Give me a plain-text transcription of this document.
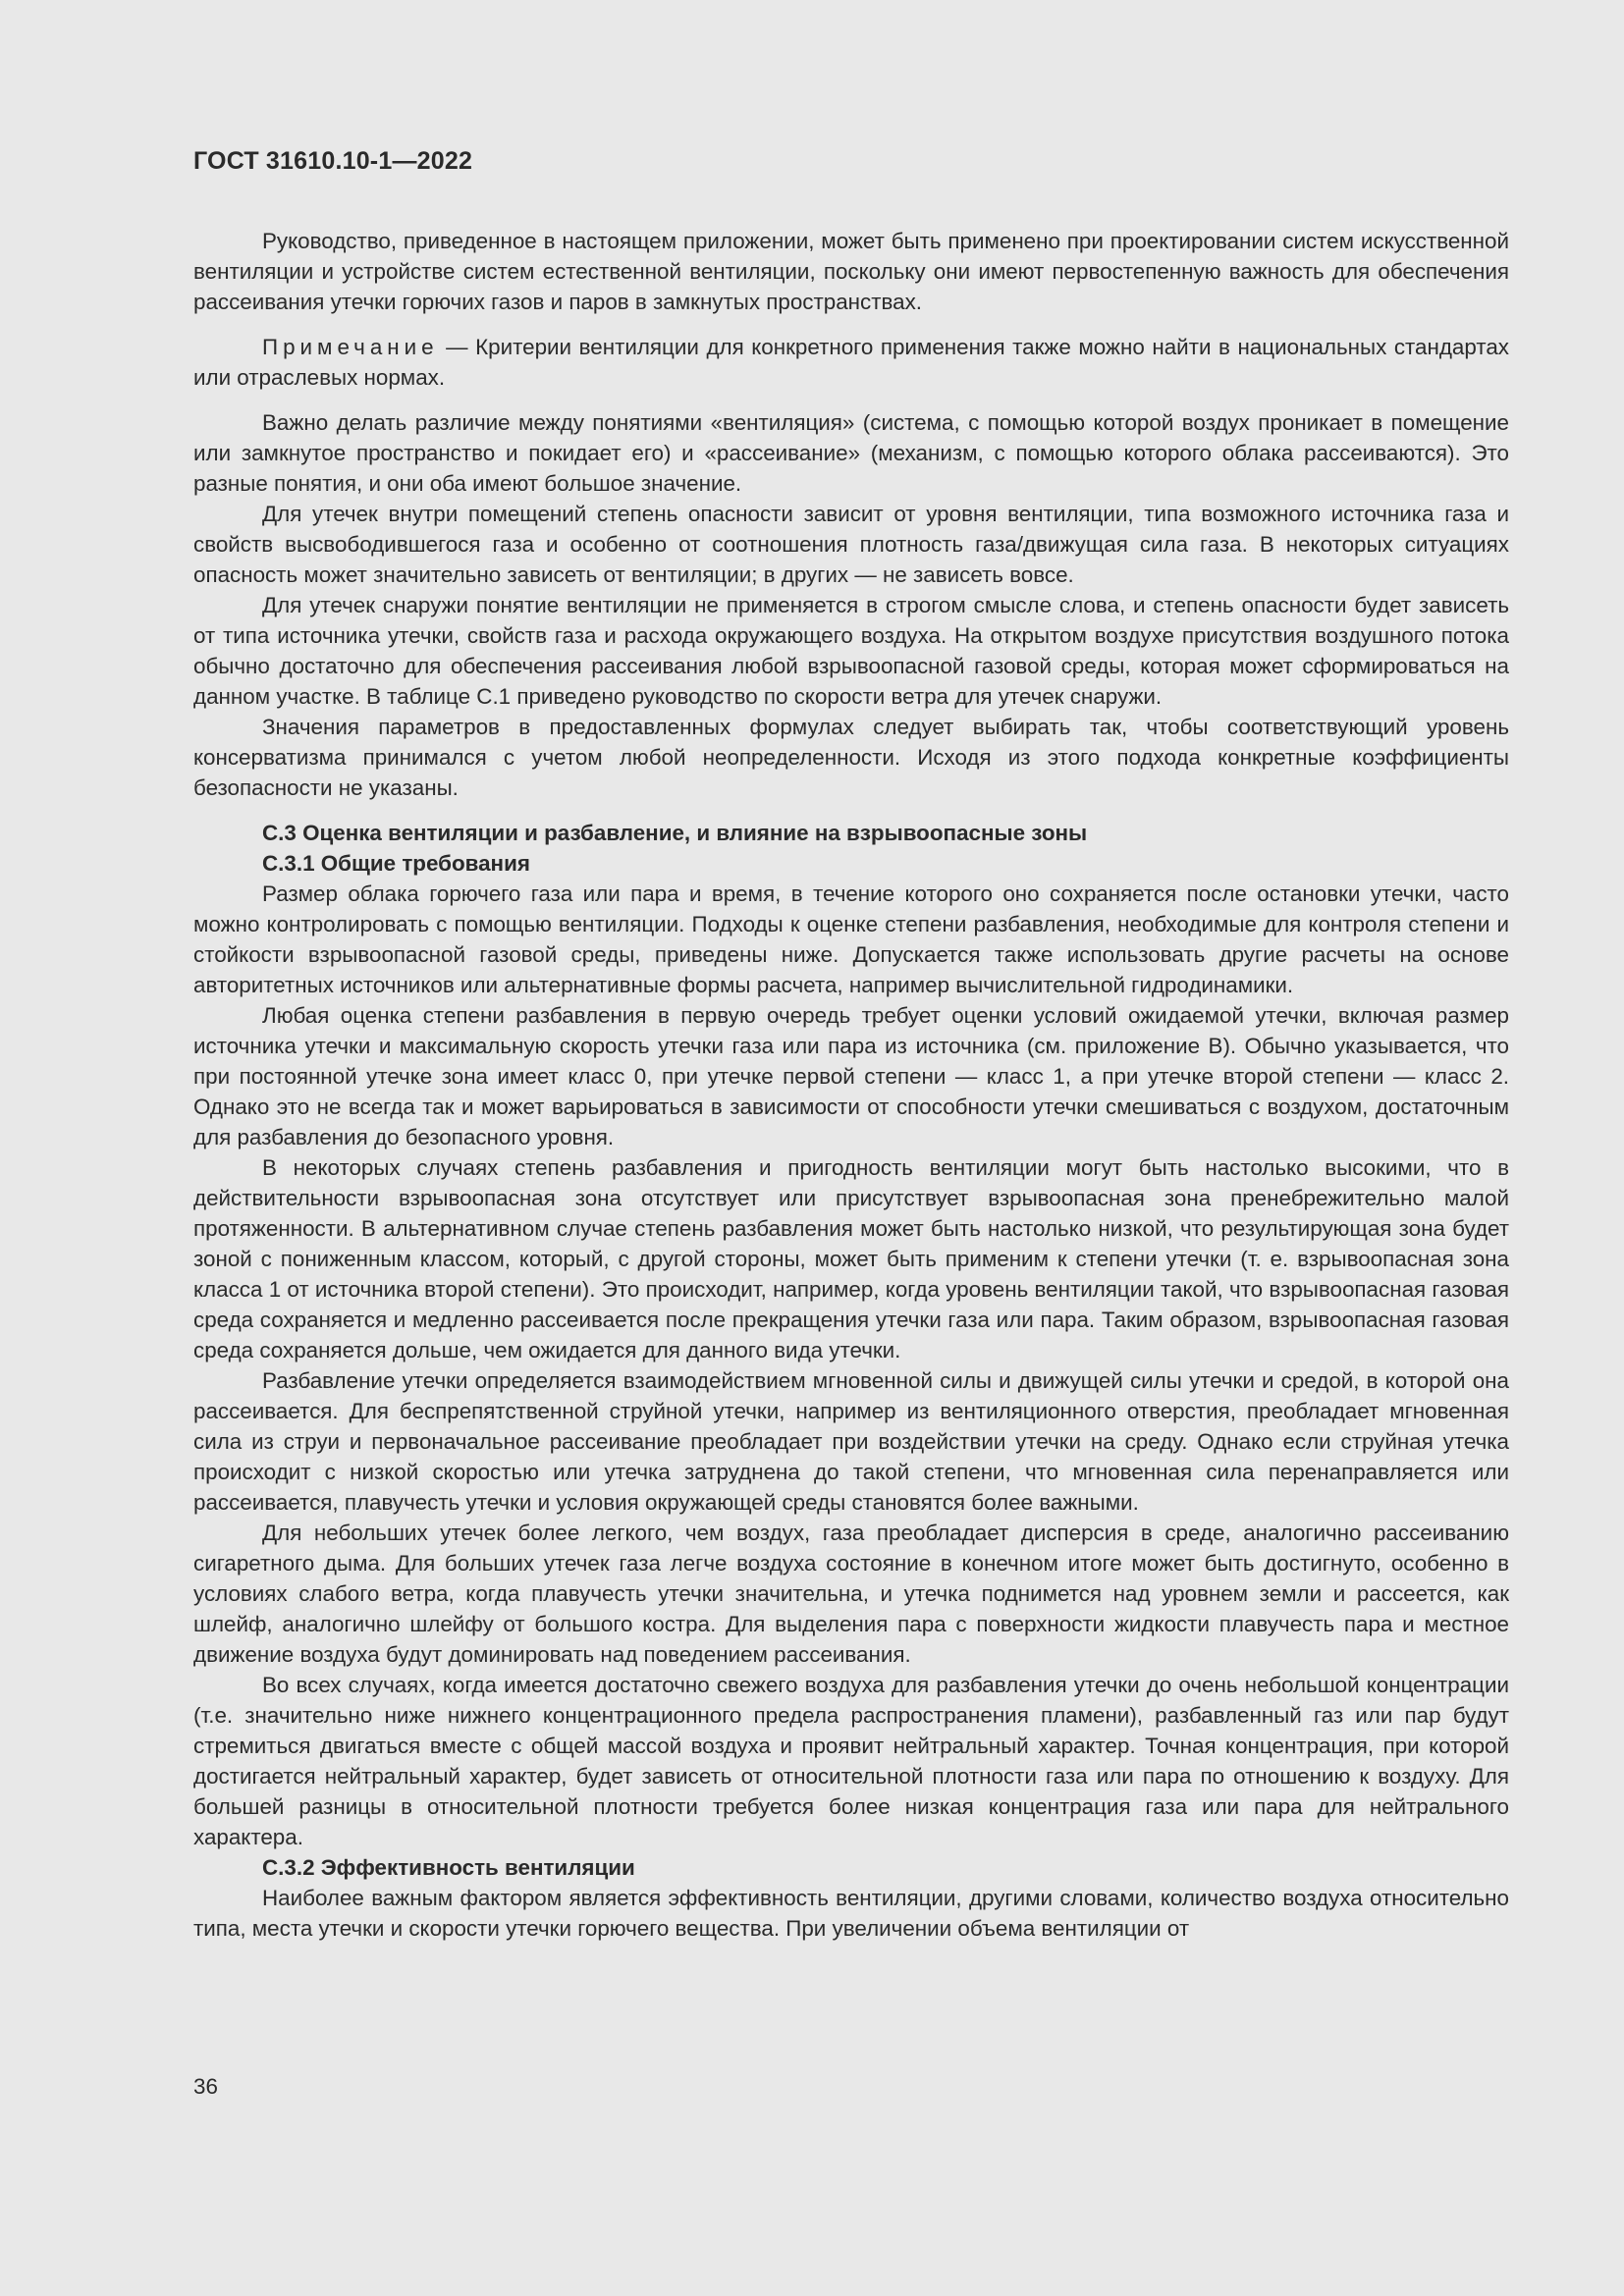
ГОСТ 31610.10-1—2022

Руководство, приведенное в настоящем приложении, может быть применено при проектировании систем искусственной вентиляции и устройстве систем естественной вентиляции, поскольку они имеют первостепенную важность для обеспечения рассеивания утечки горючих газов и паров в замкнутых пространствах.

Примечание — Критерии вентиляции для конкретного применения также можно найти в национальных стандартах или отраслевых нормах.

Важно делать различие между понятиями «вентиляция» (система, с помощью которой воздух проникает в помещение или замкнутое пространство и покидает его) и «рассеивание» (механизм, с помощью которого облака рассеиваются). Это разные понятия, и они оба имеют большое значение.

Для утечек внутри помещений степень опасности зависит от уровня вентиляции, типа возможного источника газа и свойств высвободившегося газа и особенно от соотношения плотность газа/движущая сила газа. В некоторых ситуациях опасность может значительно зависеть от вентиляции; в других — не зависеть вовсе.

Для утечек снаружи понятие вентиляции не применяется в строгом смысле слова, и степень опасности будет зависеть от типа источника утечки, свойств газа и расхода окружающего воздуха. На открытом воздухе присутствия воздушного потока обычно достаточно для обеспечения рассеивания любой взрывоопасной газовой среды, которая может сформироваться на данном участке. В таблице С.1 приведено руководство по скорости ветра для утечек снаружи.

Значения параметров в предоставленных формулах следует выбирать так, чтобы соответствующий уровень консерватизма принимался с учетом любой неопределенности. Исходя из этого подхода конкретные коэффициенты безопасности не указаны.

С.3 Оценка вентиляции и разбавление, и влияние на взрывоопасные зоны
С.3.1 Общие требования

Размер облака горючего газа или пара и время, в течение которого оно сохраняется после остановки утечки, часто можно контролировать с помощью вентиляции. Подходы к оценке степени разбавления, необходимые для контроля степени и стойкости взрывоопасной газовой среды, приведены ниже. Допускается также использовать другие расчеты на основе авторитетных источников или альтернативные формы расчета, например вычислительной гидродинамики.

Любая оценка степени разбавления в первую очередь требует оценки условий ожидаемой утечки, включая размер источника утечки и максимальную скорость утечки газа или пара из источника (см. приложение В). Обычно указывается, что при постоянной утечке зона имеет класс 0, при утечке первой степени — класс 1, а при утечке второй степени — класс 2. Однако это не всегда так и может варьироваться в зависимости от способности утечки смешиваться с воздухом, достаточным для разбавления до безопасного уровня.

В некоторых случаях степень разбавления и пригодность вентиляции могут быть настолько высокими, что в действительности взрывоопасная зона отсутствует или присутствует взрывоопасная зона пренебрежительно малой протяженности. В альтернативном случае степень разбавления может быть настолько низкой, что результирующая зона будет зоной с пониженным классом, который, с другой стороны, может быть применим к степени утечки (т. е. взрывоопасная зона класса 1 от источника второй степени). Это происходит, например, когда уровень вентиляции такой, что взрывоопасная газовая среда сохраняется и медленно рассеивается после прекращения утечки газа или пара. Таким образом, взрывоопасная газовая среда сохраняется дольше, чем ожидается для данного вида утечки.

Разбавление утечки определяется взаимодействием мгновенной силы и движущей силы утечки и средой, в которой она рассеивается. Для беспрепятственной струйной утечки, например из вентиляционного отверстия, преобладает мгновенная сила из струи и первоначальное рассеивание преобладает при воздействии утечки на среду. Однако если струйная утечка происходит с низкой скоростью или утечка затруднена до такой степени, что мгновенная сила перенаправляется или рассеивается, плавучесть утечки и условия окружающей среды становятся более важными.

Для небольших утечек более легкого, чем воздух, газа преобладает дисперсия в среде, аналогично рассеиванию сигаретного дыма. Для больших утечек газа легче воздуха состояние в конечном итоге может быть достигнуто, особенно в условиях слабого ветра, когда плавучесть утечки значительна, и утечка поднимется над уровнем земли и рассеется, как шлейф, аналогично шлейфу от большого костра. Для выделения пара с поверхности жидкости плавучесть пара и местное движение воздуха будут доминировать над поведением рассеивания.

Во всех случаях, когда имеется достаточно свежего воздуха для разбавления утечки до очень небольшой концентрации (т.е. значительно ниже нижнего концентрационного предела распространения пламени), разбавленный газ или пар будут стремиться двигаться вместе с общей массой воздуха и проявит нейтральный характер. Точная концентрация, при которой достигается нейтральный характер, будет зависеть от относительной плотности газа или пара по отношению к воздуху. Для большей разницы в относительной плотности требуется более низкая концентрация газа или пара для нейтрального характера.

С.3.2 Эффективность вентиляции

Наиболее важным фактором является эффективность вентиляции, другими словами, количество воздуха относительно типа, места утечки и скорости утечки горючего вещества. При увеличении объема вентиляции от

36
